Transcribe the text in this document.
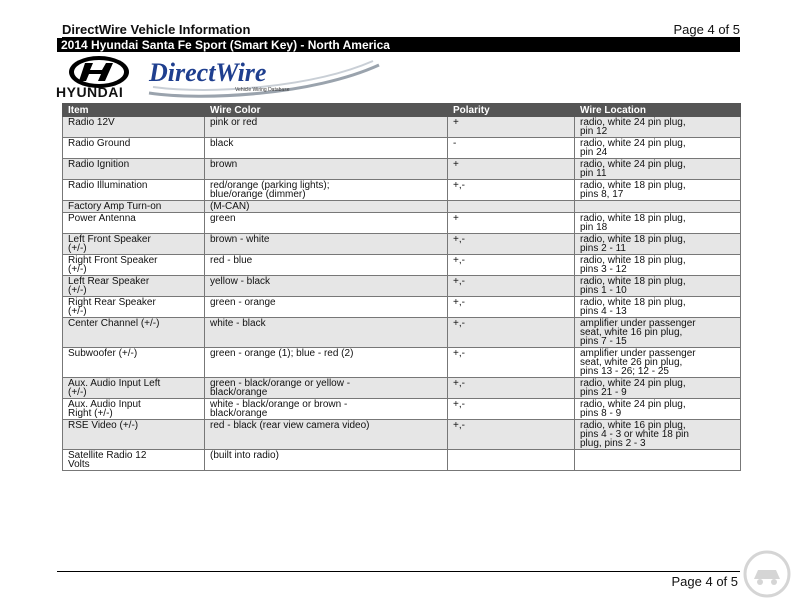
DirectWire Vehicle Information	Page 4 of 5
2014 Hyundai Santa Fe Sport (Smart Key) - North America
HYUNDAI
DirectWire
Vehicle Wiring Database
Item	Wire Color	Polarity	Wire Location
Radio 12V	pink or red	+	radio, white 24 pin plug,
pin 12
Radio Ground	black	-	radio, white 24 pin plug,
pin 24
Radio Ignition	brown	+	radio, white 24 pin plug,
pin 11
Radio Illumination	red/orange (parking lights);
blue/orange (dimmer)	+,-	radio, white 18 pin plug,
pins 8, 17
Factory Amp Turn-on	(M-CAN)		
Power Antenna	green	+	radio, white 18 pin plug,
pin 18
Left Front Speaker
(+/-)	brown - white	+,-	radio, white 18 pin plug,
pins 2 - 11
Right Front Speaker
(+/-)	red - blue	+,-	radio, white 18 pin plug,
pins 3 - 12
Left Rear Speaker
(+/-)	yellow - black	+,-	radio, white 18 pin plug,
pins 1 - 10
Right Rear Speaker
(+/-)	green - orange	+,-	radio, white 18 pin plug,
pins 4 - 13
Center Channel (+/-)	white - black	+,-	amplifier under passenger
seat, white 16 pin plug,
pins 7 - 15
Subwoofer (+/-)	green - orange (1); blue - red (2)	+,-	amplifier under passenger
seat, white 26 pin plug,
pins 13 - 26; 12 - 25
Aux. Audio Input Left
(+/-)	green - black/orange or yellow -
black/orange	+,-	radio, white 24 pin plug,
pins 21 - 9
Aux. Audio Input
Right (+/-)	white - black/orange or brown -
black/orange	+,-	radio, white 24 pin plug,
pins 8 - 9
RSE Video (+/-)	red - black (rear view camera video)	+,-	radio, white 16 pin plug,
pins 4 - 3 or white 18 pin
plug, pins 2 - 3
Satellite Radio 12
Volts	(built into radio)		
Page 4 of 5
